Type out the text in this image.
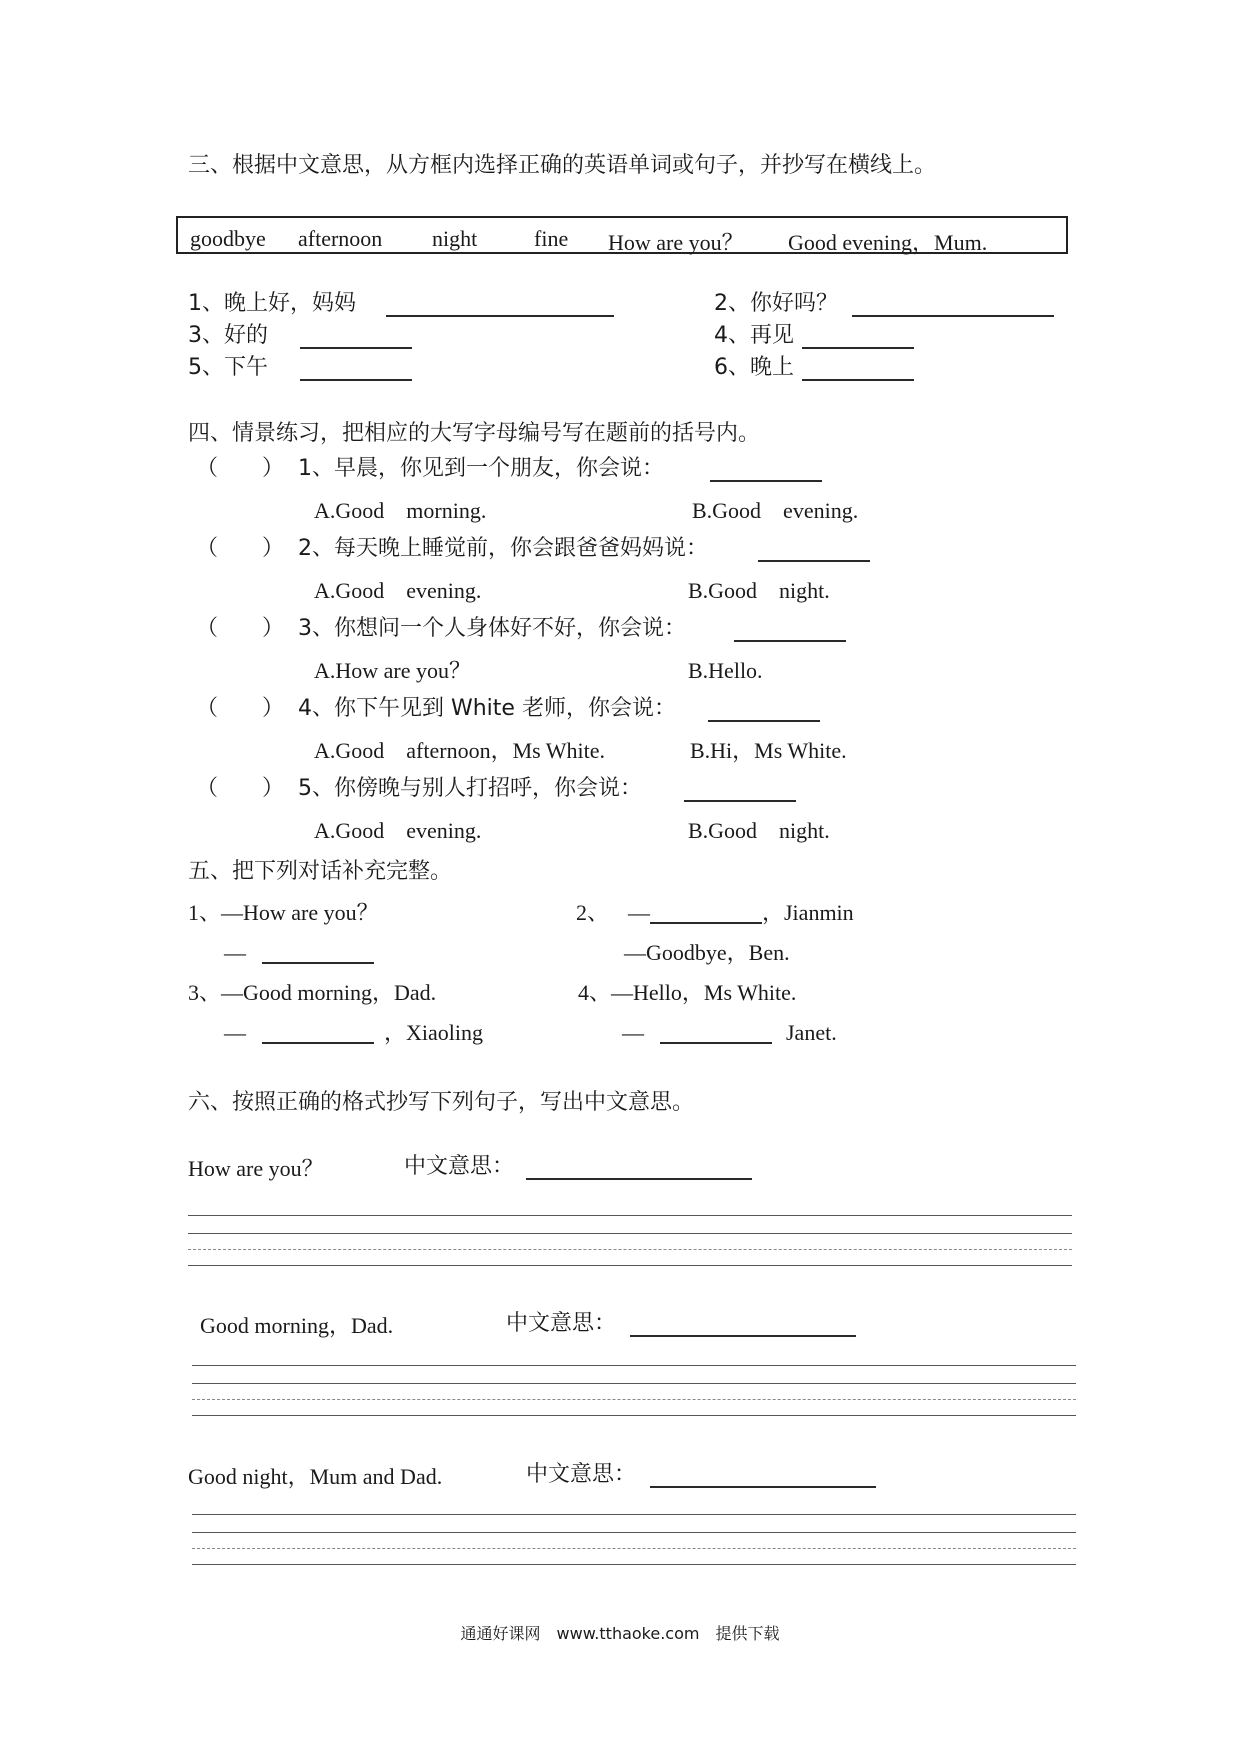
三、根据中文意思，从方框内选择正确的英语单词或句子，并抄写在横线上。
goodbye afternoon night	fine How are you？ Good evening，Mum.
1、晚上好，妈妈	2、你好吗？
3、好的	4、再见
5、下午	6、晚上
四、情景练习，把相应的大写字母编号写在题前的括号内。
（　　） 1、早晨，你见到一个朋友，你会说：
A.Good　morning.	B.Good　evening.
（　　） 2、每天晚上睡觉前，你会跟爸爸妈妈说：
A.Good　evening.	B.Good　night.
（　　） 3、你想问一个人身体好不好，你会说：
A.How are you？	B.Hello.
（　　） 4、你下午见到 White 老师，你会说：
A.Good　afternoon，Ms White.	B.Hi，Ms White.
（　　） 5、你傍晚与别人打招呼，你会说：
A.Good　evening.	B.Good　night.
五、把下列对话补充完整。
1、—How are you？
—
2、 —	，Jianmin
—Goodbye，Ben.
3、—Good morning，Dad.
—	，Xiaoling
4、—Hello，Ms White.
—	Janet.
六、按照正确的格式抄写下列句子，写出中文意思。
How are you？	中文意思：
Good morning，Dad.	中文意思：
Good night，Mum and Dad.	中文意思：
通通好课网　www.tthaoke.com　提供下载
